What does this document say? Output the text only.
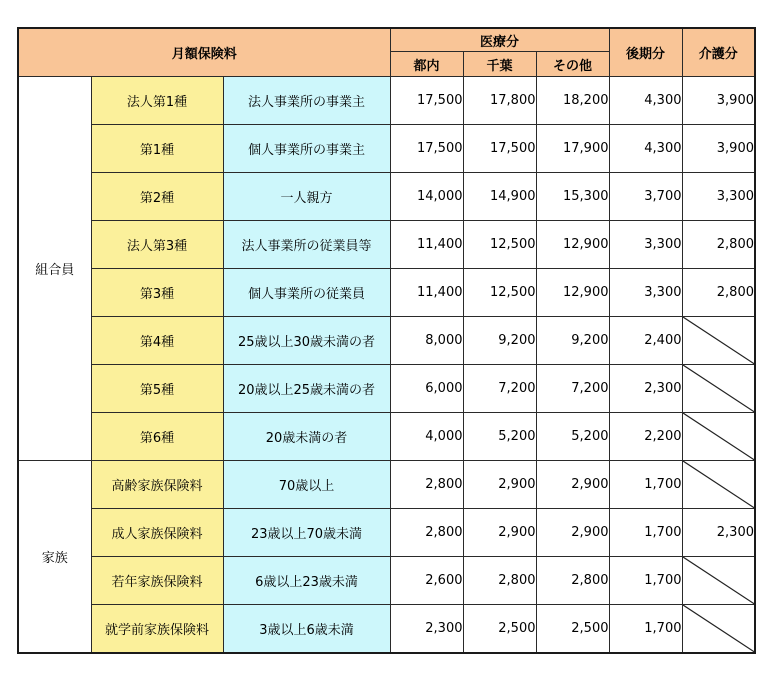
月額保険料			医療分			後期分	介護分
			都内	千葉	その他		
組合員	法人第1種	法人事業所の事業主	17,500	17,800	18,200	4,300	3,900
	第1種	個人事業所の事業主	17,500	17,500	17,900	4,300	3,900
	第2種	一人親方	14,000	14,900	15,300	3,700	3,300
	法人第3種	法人事業所の従業員等	11,400	12,500	12,900	3,300	2,800
	第3種	個人事業所の従業員	11,400	12,500	12,900	3,300	2,800
	第4種	25歳以上30歳未満の者	8,000	9,200	9,200	2,400	

	第5種	20歳以上25歳未満の者	6,000	7,200	7,200	2,300	

	第6種	20歳未満の者	4,000	5,200	5,200	2,200	

家族	高齢家族保険料	70歳以上	2,800	2,900	2,900	1,700	

	成人家族保険料	23歳以上70歳未満	2,800	2,900	2,900	1,700	2,300
	若年家族保険料	6歳以上23歳未満	2,600	2,800	2,800	1,700	

	就学前家族保険料	3歳以上6歳未満	2,300	2,500	2,500	1,700	
